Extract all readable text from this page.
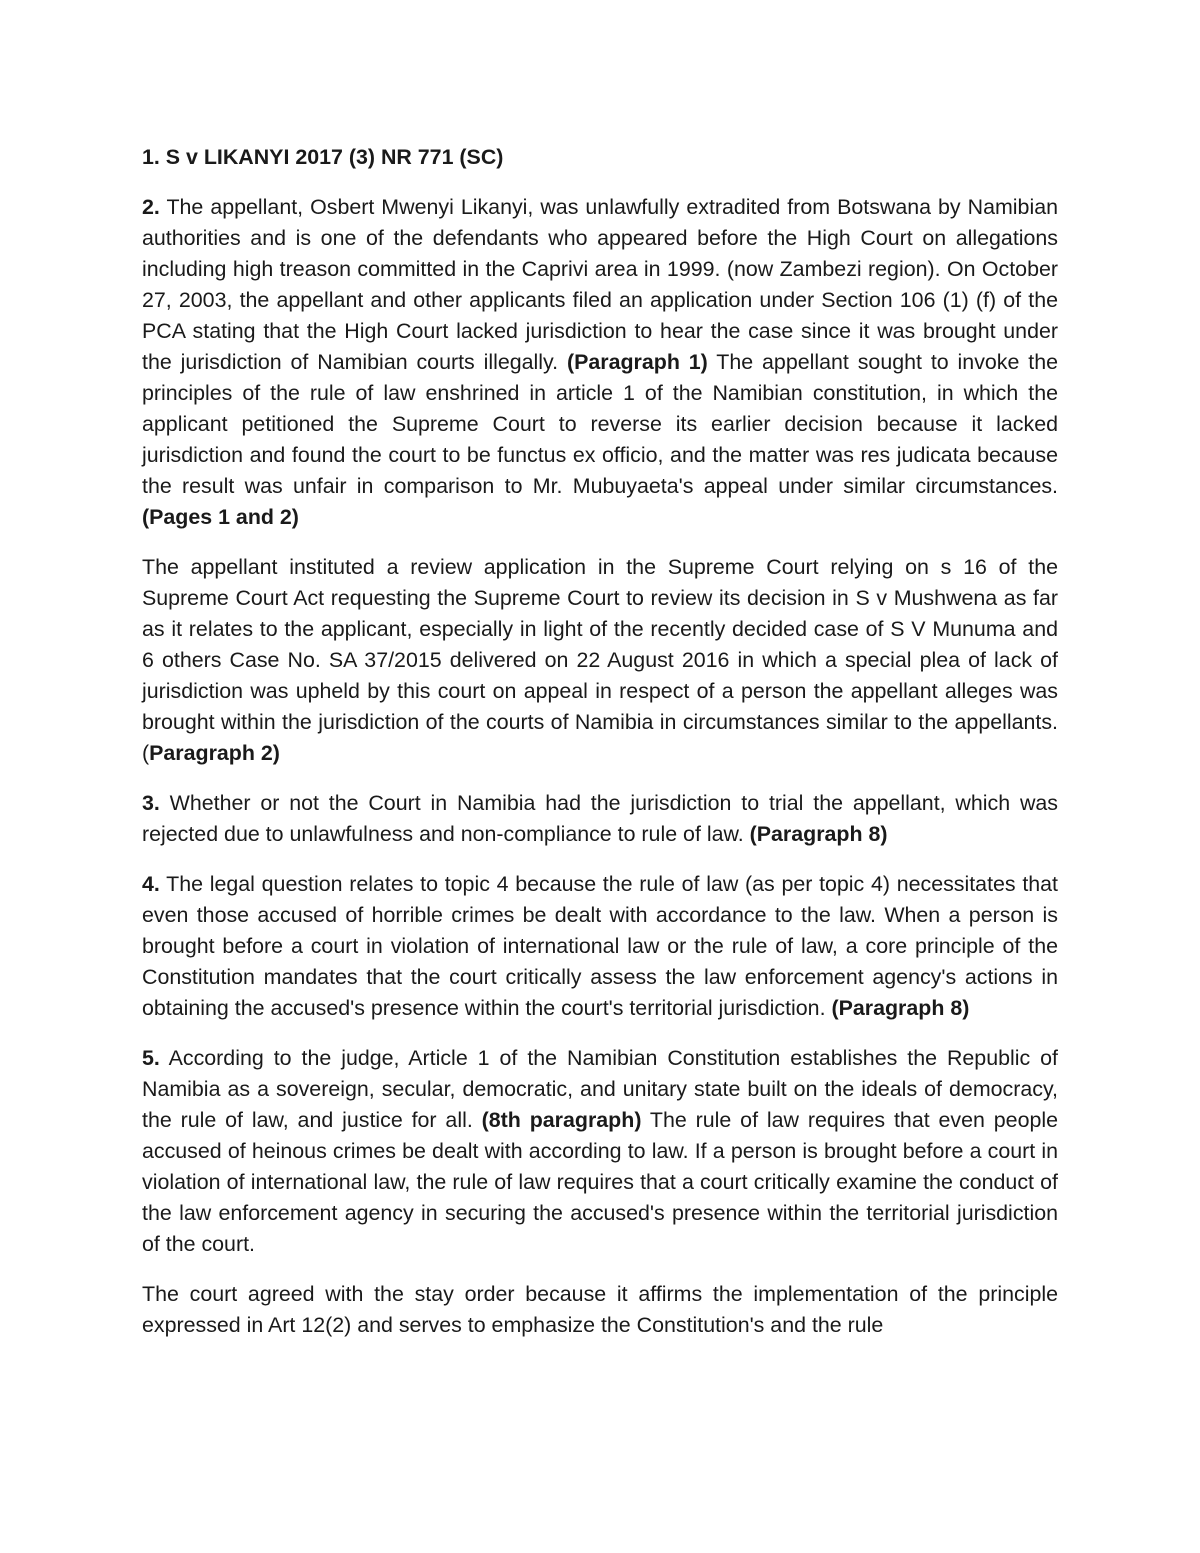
1. S v LIKANYI 2017 (3) NR 771 (SC)

2. The appellant, Osbert Mwenyi Likanyi, was unlawfully extradited from Botswana by Namibian authorities and is one of the defendants who appeared before the High Court on allegations including high treason committed in the Caprivi area in 1999. (now Zambezi region). On October 27, 2003, the appellant and other applicants filed an application under Section 106 (1) (f) of the PCA stating that the High Court lacked jurisdiction to hear the case since it was brought under the jurisdiction of Namibian courts illegally. (Paragraph 1) The appellant sought to invoke the principles of the rule of law enshrined in article 1 of the Namibian constitution, in which the applicant petitioned the Supreme Court to reverse its earlier decision because it lacked jurisdiction and found the court to be functus ex officio, and the matter was res judicata because the result was unfair in comparison to Mr. Mubuyaeta's appeal under similar circumstances. (Pages 1 and 2)

The appellant instituted a review application in the Supreme Court relying on s 16 of the Supreme Court Act requesting the Supreme Court to review its decision in S v Mushwena as far as it relates to the applicant, especially in light of the recently decided case of S V Munuma and 6 others Case No. SA 37/2015 delivered on 22 August 2016 in which a special plea of lack of jurisdiction was upheld by this court on appeal in respect of a person the appellant alleges was brought within the jurisdiction of the courts of Namibia in circumstances similar to the appellants. (Paragraph 2)

3. Whether or not the Court in Namibia had the jurisdiction to trial the appellant, which was rejected due to unlawfulness and non-compliance to rule of law. (Paragraph 8)

4. The legal question relates to topic 4 because the rule of law (as per topic 4) necessitates that even those accused of horrible crimes be dealt with accordance to the law. When a person is brought before a court in violation of international law or the rule of law, a core principle of the Constitution mandates that the court critically assess the law enforcement agency's actions in obtaining the accused's presence within the court's territorial jurisdiction. (Paragraph 8)

5. According to the judge, Article 1 of the Namibian Constitution establishes the Republic of Namibia as a sovereign, secular, democratic, and unitary state built on the ideals of democracy, the rule of law, and justice for all. (8th paragraph) The rule of law requires that even people accused of heinous crimes be dealt with according to law. If a person is brought before a court in violation of international law, the rule of law requires that a court critically examine the conduct of the law enforcement agency in securing the accused's presence within the territorial jurisdiction of the court.

The court agreed with the stay order because it affirms the implementation of the principle expressed in Art 12(2) and serves to emphasize the Constitution's and the rule
